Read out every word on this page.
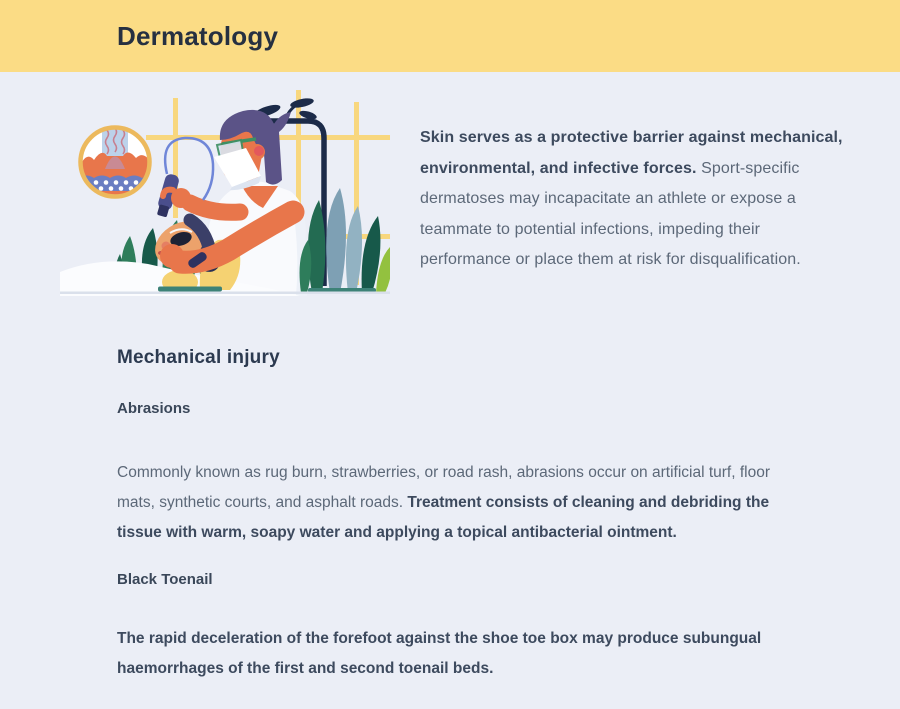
Dermatology

Skin serves as a protective barrier against mechanical, environmental, and infective forces. Sport-specific dermatoses may incapacitate an athlete or expose a teammate to potential infections, impeding their performance or place them at risk for disqualification.

Mechanical injury
Abrasions

Commonly known as rug burn, strawberries, or road rash, abrasions occur on artificial turf, floor mats, synthetic courts, and asphalt roads. Treatment consists of cleaning and debriding the tissue with warm, soapy water and applying a topical antibacterial ointment.

Black Toenail

The rapid deceleration of the forefoot against the shoe toe box may produce subungual haemorrhages of the first and second toenail beds.
